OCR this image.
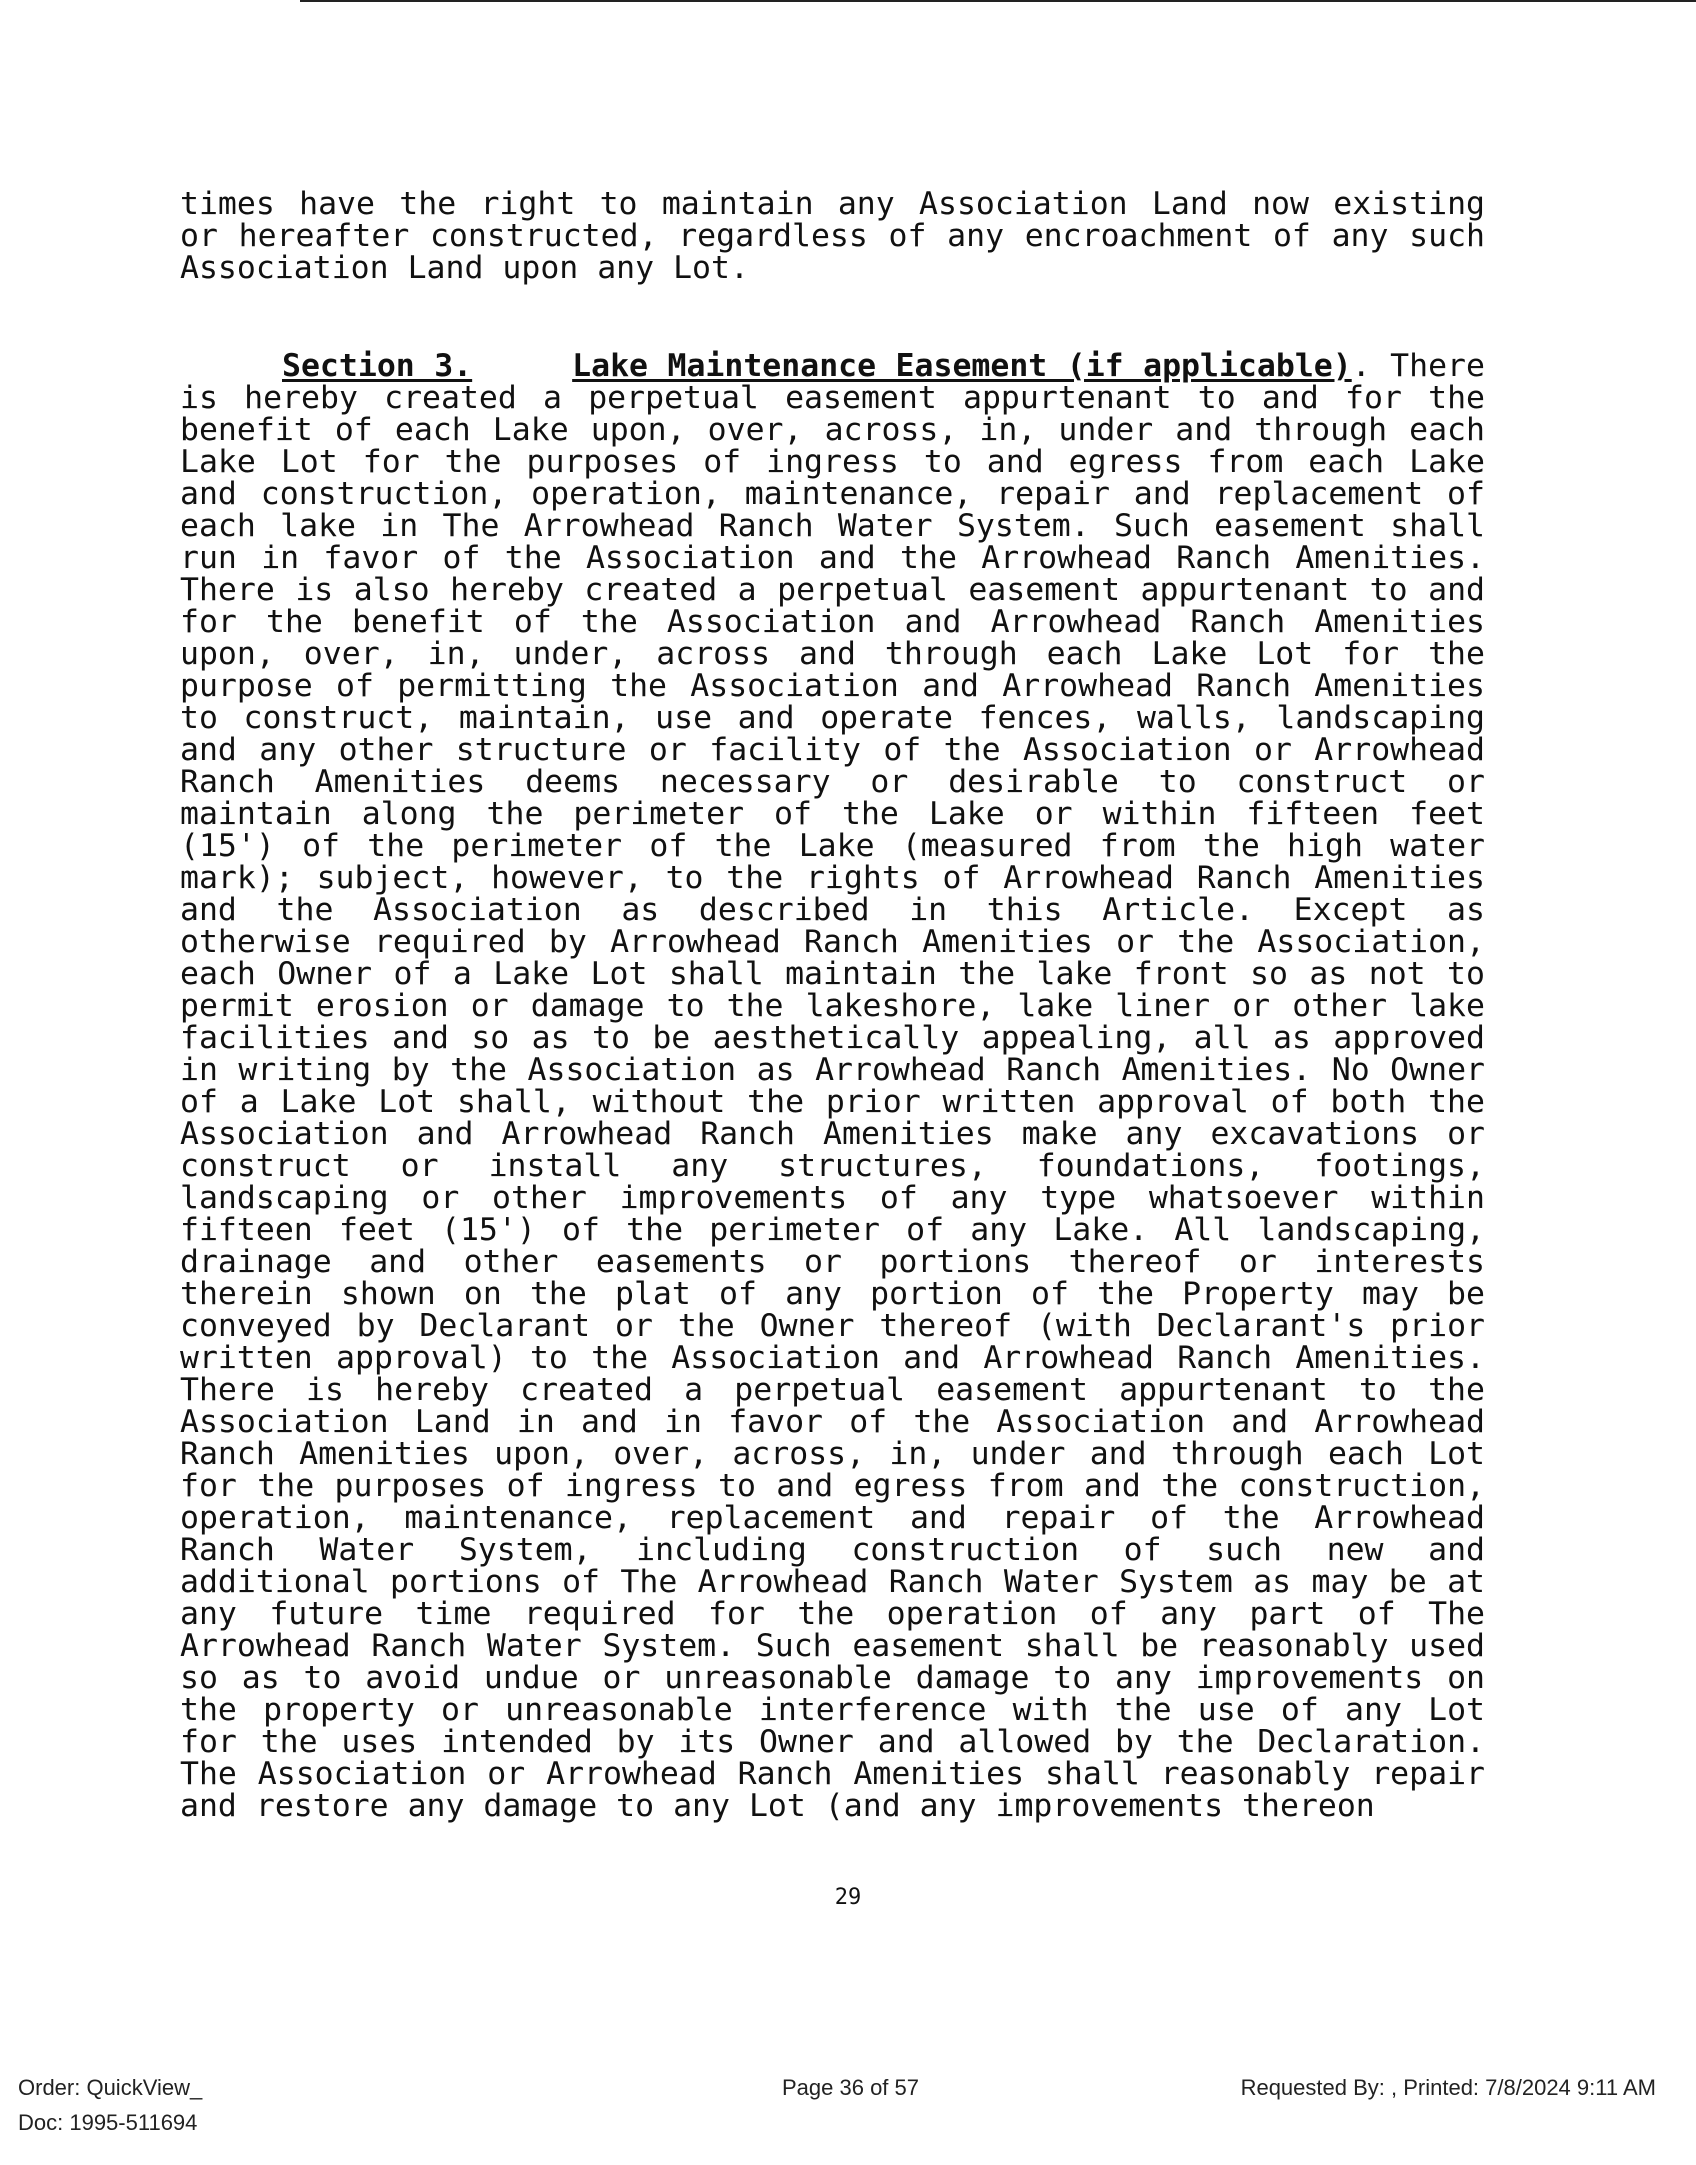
times have the right to maintain any Association Land now existing or hereafter constructed, regardless of any encroachment of any such Association Land upon any Lot.

Section 3.	Lake Maintenance Easement (if applicable). There is hereby created a perpetual easement appurtenant to and for the benefit of each Lake upon, over, across, in, under and through each Lake Lot for the purposes of ingress to and egress from each Lake and construction, operation, maintenance, repair and replacement of each lake in The Arrowhead Ranch Water System. Such easement shall run in favor of the Association and the Arrowhead Ranch Amenities. There is also hereby created a perpetual easement appurtenant to and for the benefit of the Association and Arrowhead Ranch Amenities upon, over, in, under, across and through each Lake Lot for the purpose of permitting the Association and Arrowhead Ranch Amenities to construct, maintain, use and operate fences, walls, landscaping and any other structure or facility of the Association or Arrowhead Ranch Amenities deems necessary or desirable to construct or maintain along the perimeter of the Lake or within fifteen feet (15') of the perimeter of the Lake (measured from the high water mark); subject, however, to the rights of Arrowhead Ranch Amenities and the Association as described in this Article. Except as otherwise required by Arrowhead Ranch Amenities or the Association, each Owner of a Lake Lot shall maintain the lake front so as not to permit erosion or damage to the lakeshore, lake liner or other lake facilities and so as to be aesthetically appealing, all as approved in writing by the Association as Arrowhead Ranch Amenities. No Owner of a Lake Lot shall, without the prior written approval of both the Association and Arrowhead Ranch Amenities make any excavations or construct or install any structures, foundations, footings, landscaping or other improvements of any type whatsoever within fifteen feet (15') of the perimeter of any Lake. All landscaping, drainage and other easements or portions thereof or interests therein shown on the plat of any portion of the Property may be conveyed by Declarant or the Owner thereof (with Declarant's prior written approval) to the Association and Arrowhead Ranch Amenities. There is hereby created a perpetual easement appurtenant to the Association Land in and in favor of the Association and Arrowhead Ranch Amenities upon, over, across, in, under and through each Lot for the purposes of ingress to and egress from and the construction, operation, maintenance, replacement and repair of the Arrowhead Ranch Water System, including construction of such new and additional portions of The Arrowhead Ranch Water System as may be at any future time required for the operation of any part of The Arrowhead Ranch Water System. Such easement shall be reasonably used so as to avoid undue or unreasonable damage to any improvements on the property or unreasonable interference with the use of any Lot for the uses intended by its Owner and allowed by the Declaration. The Association or Arrowhead Ranch Amenities shall reasonably repair and restore any damage to any Lot (and any improvements thereon

29
Order: QuickView_
Doc: 1995-511694
Page 36 of 57	Requested By: , Printed: 7/8/2024 9:11 AM
